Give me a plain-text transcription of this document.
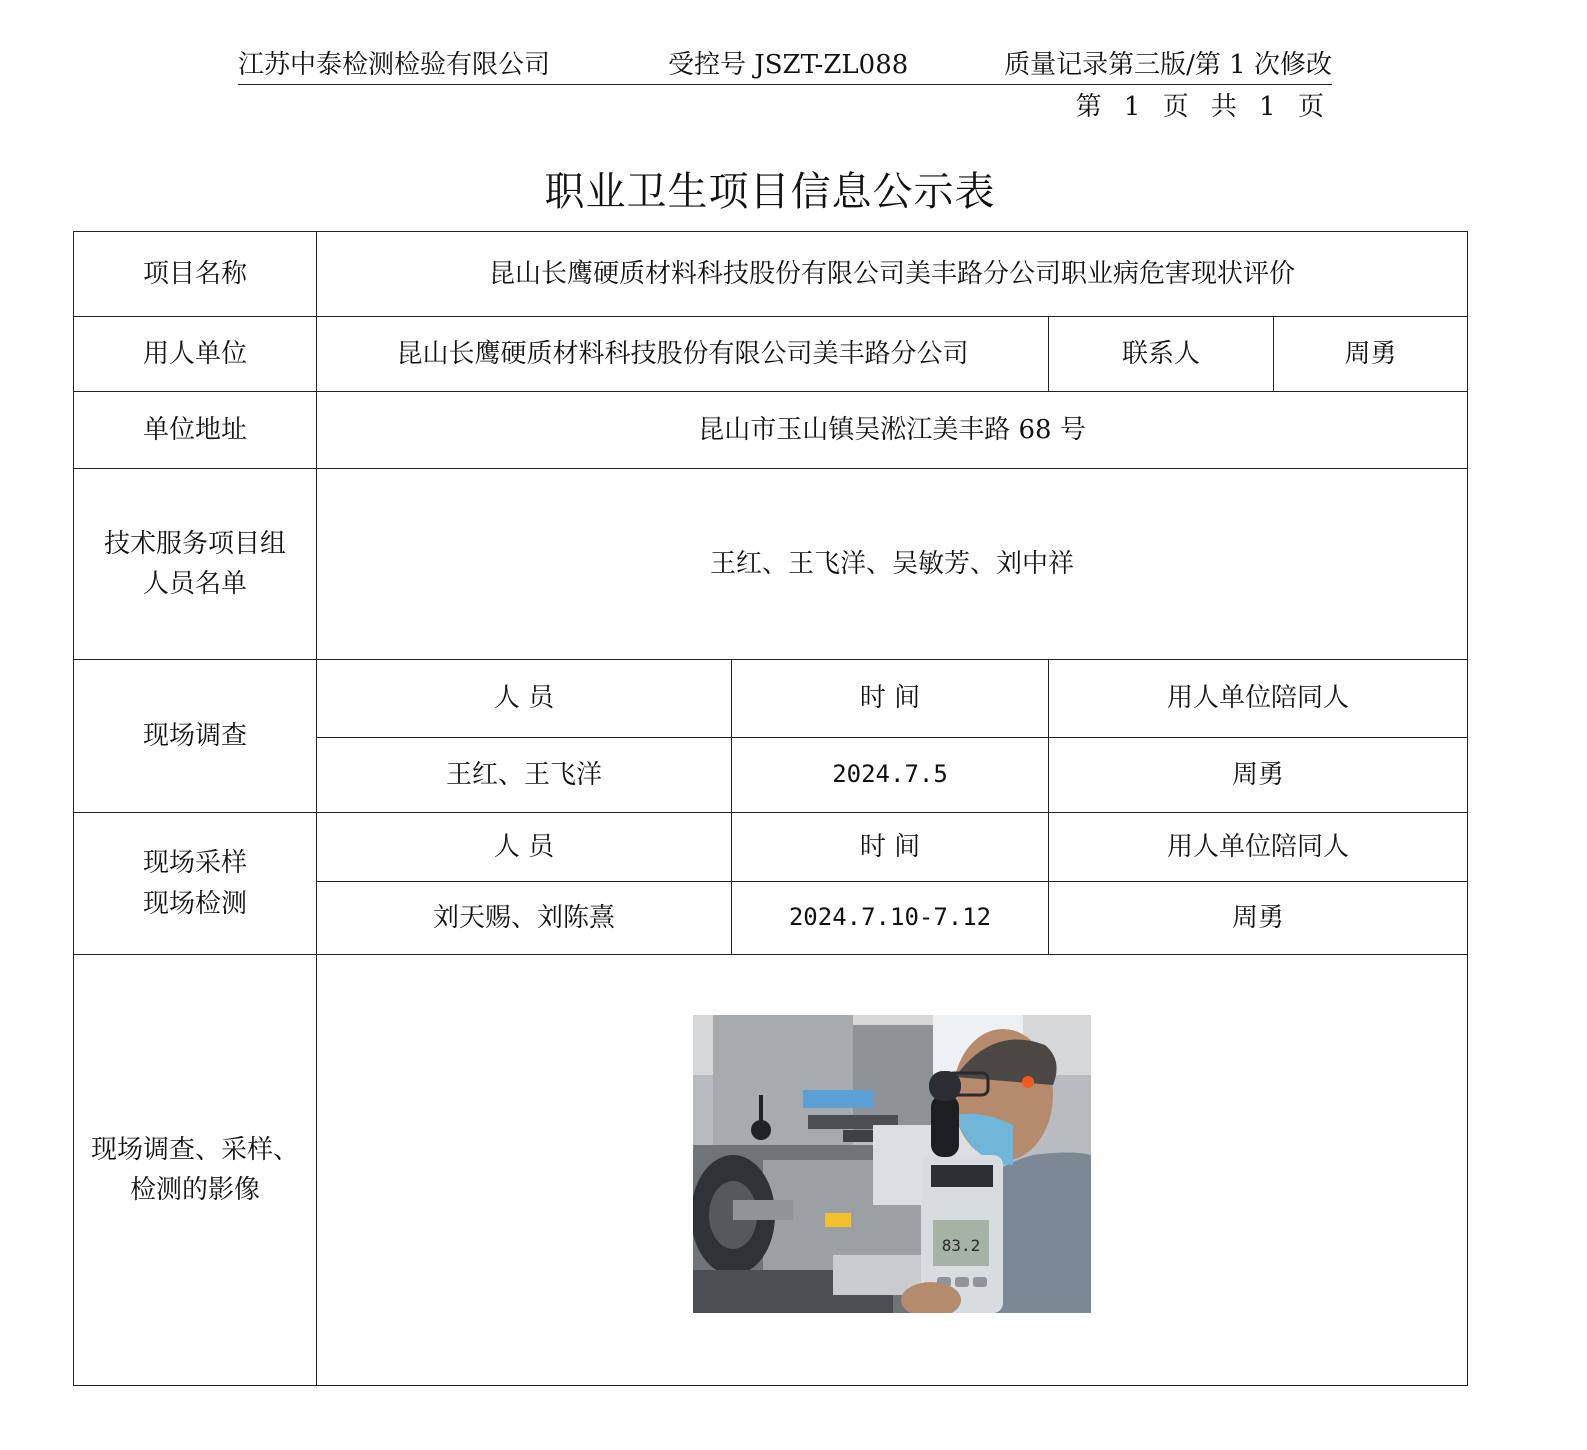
江苏中泰检测检验有限公司	受控号 JSZT-ZL088	质量记录第三版/第 1 次修改
第 1 页 共 1 页
职业卫生项目信息公示表
项目名称	昆山长鹰硬质材料科技股份有限公司美丰路分公司职业病危害现状评价			
用人单位	昆山长鹰硬质材料科技股份有限公司美丰路分公司		联系人	周勇
单位地址	昆山市玉山镇吴淞江美丰路 68 号			

技术服务项目组
人员名单	王红、王飞洋、吴敏芳、刘中祥			
现场调查	人 员	时 间	用人单位陪同人	
	王红、王飞洋	2024.7.5	周勇	

现场采样
现场检测	人 员	时 间	用人单位陪同人	
	刘天赐、刘陈熹	2024.7.10-7.12	周勇	

现场调查、采样、
检测的影像	83.2			
